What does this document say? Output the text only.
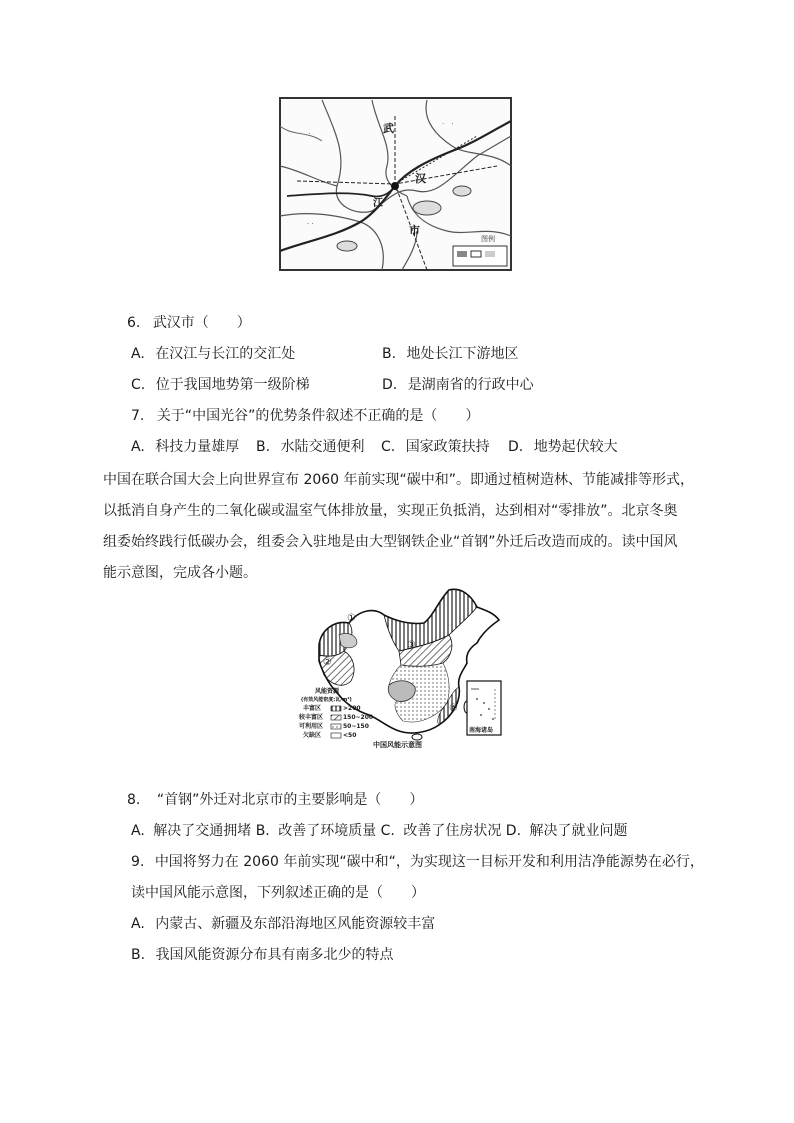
·　·
·　·
· ·
武
汉
江
市
图例
6. 武汉市（　　）
A. 在汉江与长江的交汇处	B. 地处长江下游地区
C. 位于我国地势第一级阶梯	D. 是湖南省的行政中心
7. 关于“中国光谷”的优势条件叙述不正确的是（　　）
A. 科技力量雄厚 B. 水陆交通便利 C. 国家政策扶持 D. 地势起伏较大
中国在联合国大会上向世界宣布 2060 年前实现“碳中和”。即通过植树造林、节能减排等形式，
以抵消自身产生的二氧化碳或温室气体排放量，实现正负抵消，达到相对“零排放”。北京冬奥
组委始终践行低碳办会，组委会入驻地是由大型钢铁企业“首钢”外迁后改造而成的。读中国风
能示意图，完成各小题。
①
②
③
④
风能资源
(有效风能密度:瓦/m²)
丰富区	>200
较丰富区	150~200
可利用区	50~150
欠缺区	<50
中国风能示意图
南海诸岛
8. “首钢”外迁对北京市的主要影响是（　　）
A. 解决了交通拥堵 B. 改善了环境质量 C. 改善了住房状况 D. 解决了就业问题
9. 中国将努力在 2060 年前实现“碳中和“，为实现这一目标开发和利用洁净能源势在必行，
读中国风能示意图，下列叙述正确的是（　　）
A. 内蒙古、新疆及东部沿海地区风能资源较丰富
B. 我国风能资源分布具有南多北少的特点
